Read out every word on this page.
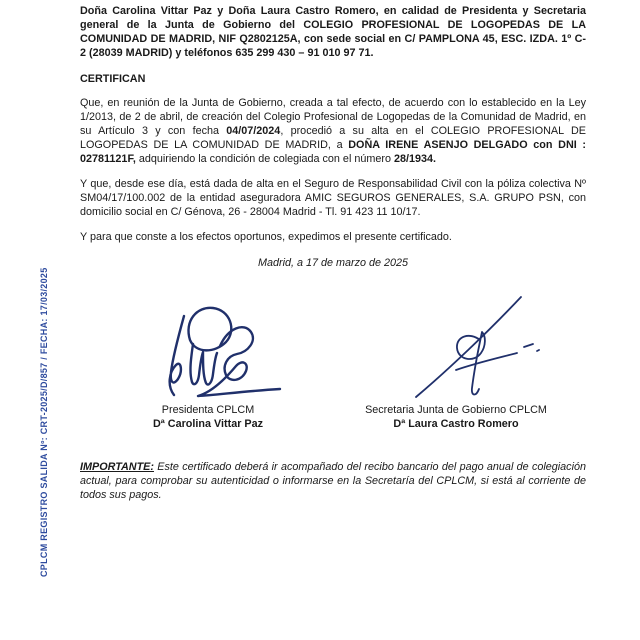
CPLCM REGISTRO SALIDA Nº: CRT-2025/D/857 / FECHA: 17/03/2025

Doña Carolina Vittar Paz y Doña Laura Castro Romero, en calidad de Presidenta y Secretaria general de la Junta de Gobierno del COLEGIO PROFESIONAL DE LOGOPEDAS DE LA COMUNIDAD DE MADRID, NIF Q2802125A, con sede social en C/ PAMPLONA 45, ESC. IZDA. 1º C-2 (28039 MADRID) y teléfonos 635 299 430 – 91 010 97 71.

CERTIFICAN

Que, en reunión de la Junta de Gobierno, creada a tal efecto, de acuerdo con lo establecido en la Ley 1/2013, de 2 de abril, de creación del Colegio Profesional de Logopedas de la Comunidad de Madrid, en su Artículo 3 y con fecha 04/07/2024, procedió a su alta en el COLEGIO PROFESIONAL DE LOGOPEDAS DE LA COMUNIDAD DE MADRID, a DOÑA IRENE ASENJO DELGADO con DNI : 02781121F, adquiriendo la condición de colegiada con el número 28/1934.

Y que, desde ese día, está dada de alta en el Seguro de Responsabilidad Civil con la póliza colectiva Nº SM04/17/100.002 de la entidad aseguradora AMIC SEGUROS GENERALES, S.A. GRUPO PSN, con domicilio social en C/ Génova, 26 - 28004 Madrid - Tl. 91 423 11 10/17.

Y para que conste a los efectos oportunos, expedimos el presente certificado.

Madrid, a 17 de marzo de 2025

Presidenta CPLCM
Dª Carolina Vittar Paz
Secretaria Junta de Gobierno CPLCM
Dª Laura Castro Romero

IMPORTANTE: Este certificado deberá ir acompañado del recibo bancario del pago anual de colegiación actual, para comprobar su autenticidad o informarse en la Secretaría del CPLCM, si está al corriente de todos sus pagos.
